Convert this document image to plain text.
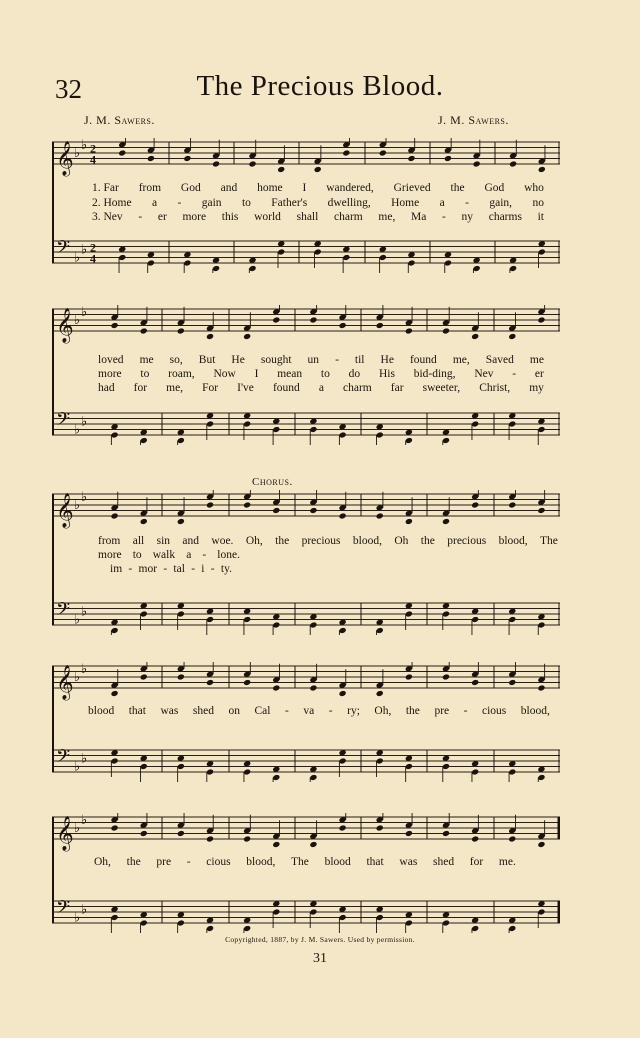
32	The Precious Blood.
J. M. Sawers.	J. M. Sawers.
1. Far from God and home I wandered, Grieved the God who
2. Home a - gain to Father's dwelling, Home a - gain, no
3. Nev - er more this world shall charm me, Ma - ny charms it
𝄞 ♭
♭ 2
4
𝄢 ♭
♭ 2
4
loved me so, But He sought un - til He found me, Saved me
more to roam, Now I mean to do His bid-ding, Nev - er
had for me, For I've found a charm far sweeter, Christ, my
𝄞 ♭
♭
𝄢 ♭
♭
Chorus.
from all sin and woe. Oh, the precious blood, Oh the precious blood, The
more to walk a - lone.
im - mor - tal - i - ty.
𝄞 ♭
♭
𝄢 ♭
♭
blood that was shed on Cal - va - ry; Oh, the pre - cious blood,
𝄞 ♭
♭
𝄢 ♭
♭
Oh, the pre - cious blood, The blood that was shed for me.
𝄞 ♭
♭
𝄢 ♭
♭
Copyrighted, 1887, by J. M. Sawers. Used by permission.
31
